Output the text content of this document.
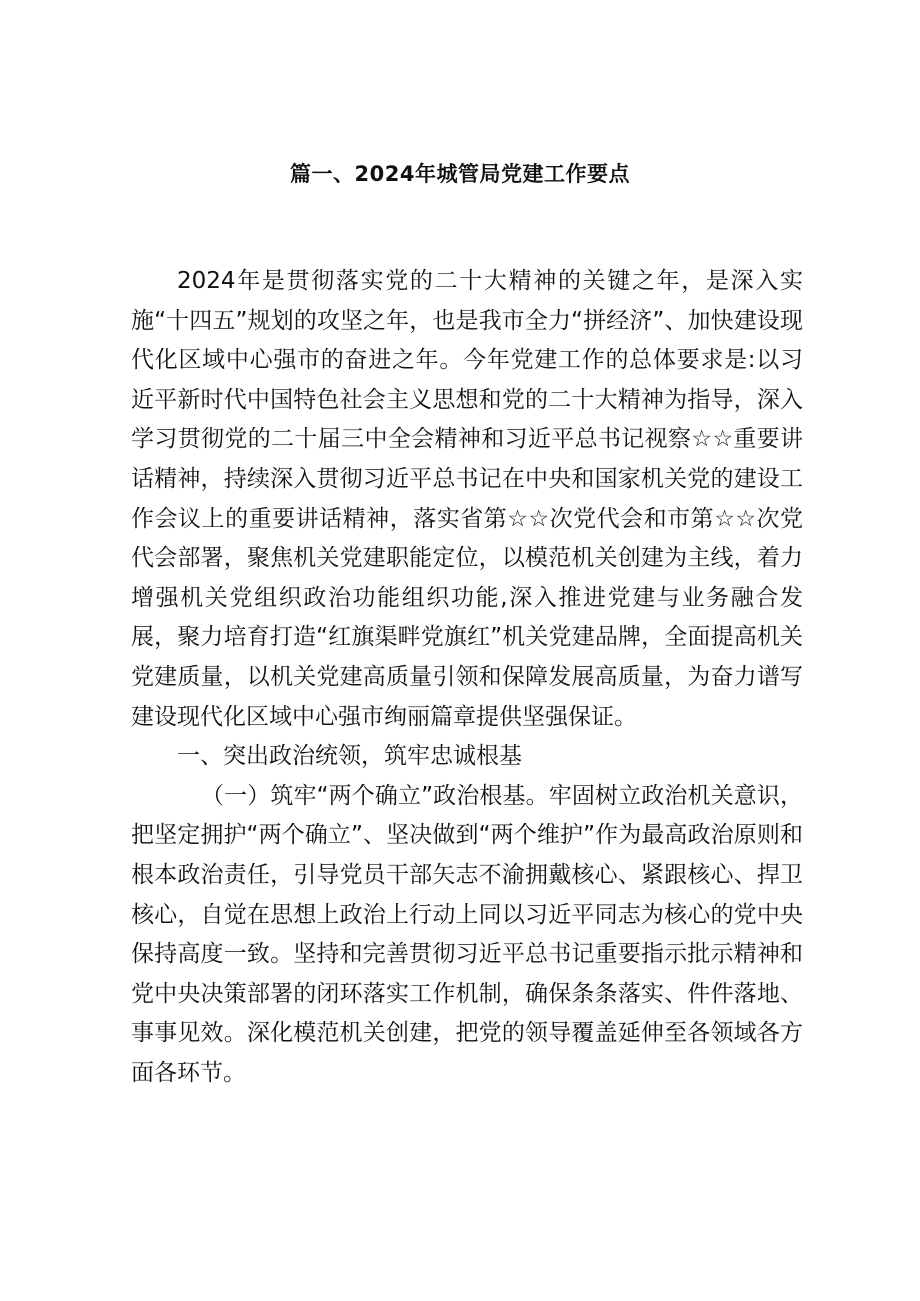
篇一、2024年城管局党建工作要点

2024年是贯彻落实党的二十大精神的关键之年，是深入实施“十四五”规划的攻坚之年，也是我市全力“拼经济”、加快建设现代化区域中心强市的奋进之年。今年党建工作的总体要求是:以习近平新时代中国特色社会主义思想和党的二十大精神为指导，深入学习贯彻党的二十届三中全会精神和习近平总书记视察☆☆重要讲话精神，持续深入贯彻习近平总书记在中央和国家机关党的建设工作会议上的重要讲话精神，落实省第☆☆次党代会和市第☆☆次党代会部署，聚焦机关党建职能定位，以模范机关创建为主线，着力增强机关党组织政治功能组织功能,深入推进党建与业务融合发展，聚力培育打造“红旗渠畔党旗红”机关党建品牌，全面提高机关党建质量，以机关党建高质量引领和保障发展高质量，为奋力谱写建设现代化区域中心强市绚丽篇章提供坚强保证。

一、突出政治统领，筑牢忠诚根基

（一）筑牢“两个确立”政治根基。牢固树立政治机关意识，把坚定拥护“两个确立”、坚决做到“两个维护”作为最高政治原则和根本政治责任，引导党员干部矢志不渝拥戴核心、紧跟核心、捍卫核心，自觉在思想上政治上行动上同以习近平同志为核心的党中央保持高度一致。坚持和完善贯彻习近平总书记重要指示批示精神和党中央决策部署的闭环落实工作机制，确保条条落实、件件落地、事事见效。深化模范机关创建，把党的领导覆盖延伸至各领域各方面各环节。
